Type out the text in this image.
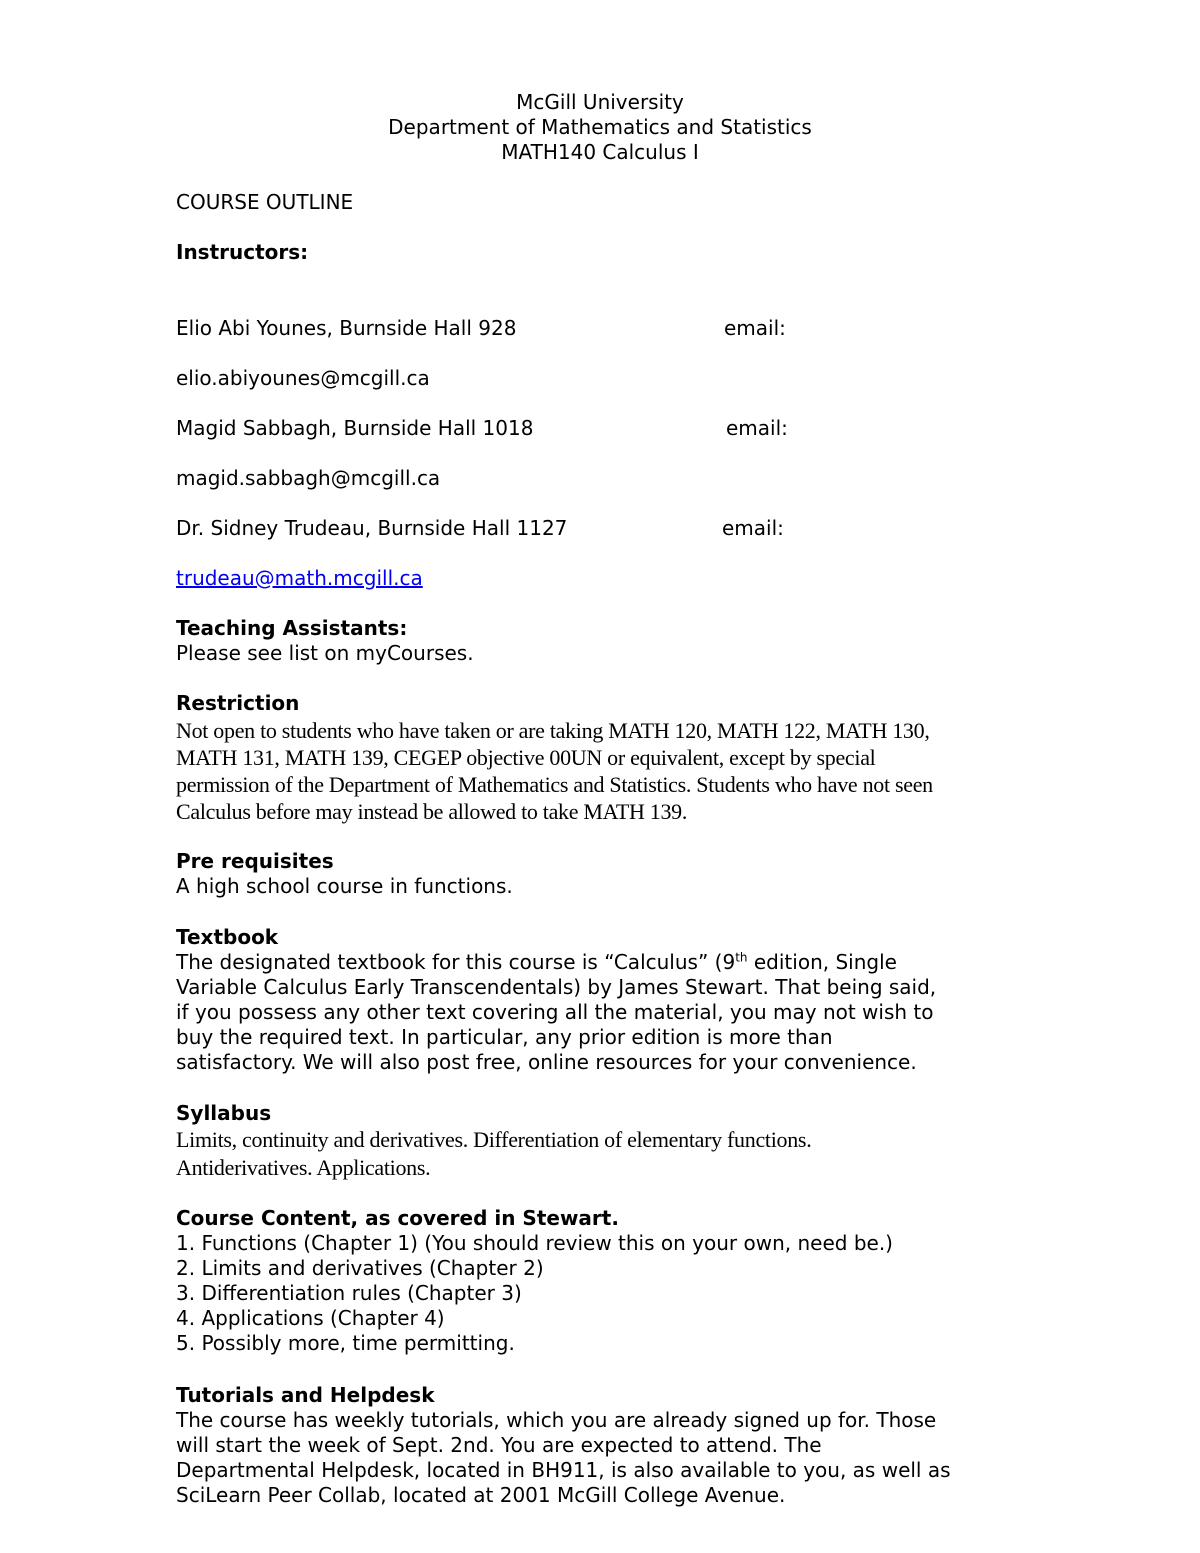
McGill University
Department of Mathematics and Statistics
MATH140 Calculus I
COURSE OUTLINE
Instructors:
Elio Abi Younes, Burnside Hall 928	email:
elio.abiyounes@mcgill.ca
Magid Sabbagh, Burnside Hall 1018	email:
magid.sabbagh@mcgill.ca
Dr. Sidney Trudeau, Burnside Hall 1127	email:
trudeau@math.mcgill.ca
Teaching Assistants:
Please see list on myCourses.
Restriction
Not open to students who have taken or are taking MATH 120, MATH 122, MATH 130,
MATH 131, MATH 139, CEGEP objective 00UN or equivalent, except by special
permission of the Department of Mathematics and Statistics. Students who have not seen
Calculus before may instead be allowed to take MATH 139.
Pre requisites
A high school course in functions.
Textbook
The designated textbook for this course is “Calculus” (9th edition, Single
Variable Calculus Early Transcendentals) by James Stewart. That being said,
if you possess any other text covering all the material, you may not wish to
buy the required text. In particular, any prior edition is more than
satisfactory. We will also post free, online resources for your convenience.
Syllabus
Limits, continuity and derivatives. Differentiation of elementary functions.
Antiderivatives. Applications.
Course Content, as covered in Stewart.
1. Functions (Chapter 1) (You should review this on your own, need be.)
2. Limits and derivatives (Chapter 2)
3. Differentiation rules (Chapter 3)
4. Applications (Chapter 4)
5. Possibly more, time permitting.
Tutorials and Helpdesk
The course has weekly tutorials, which you are already signed up for. Those
will start the week of Sept. 2nd. You are expected to attend. The
Departmental Helpdesk, located in BH911, is also available to you, as well as
SciLearn Peer Collab, located at 2001 McGill College Avenue.
